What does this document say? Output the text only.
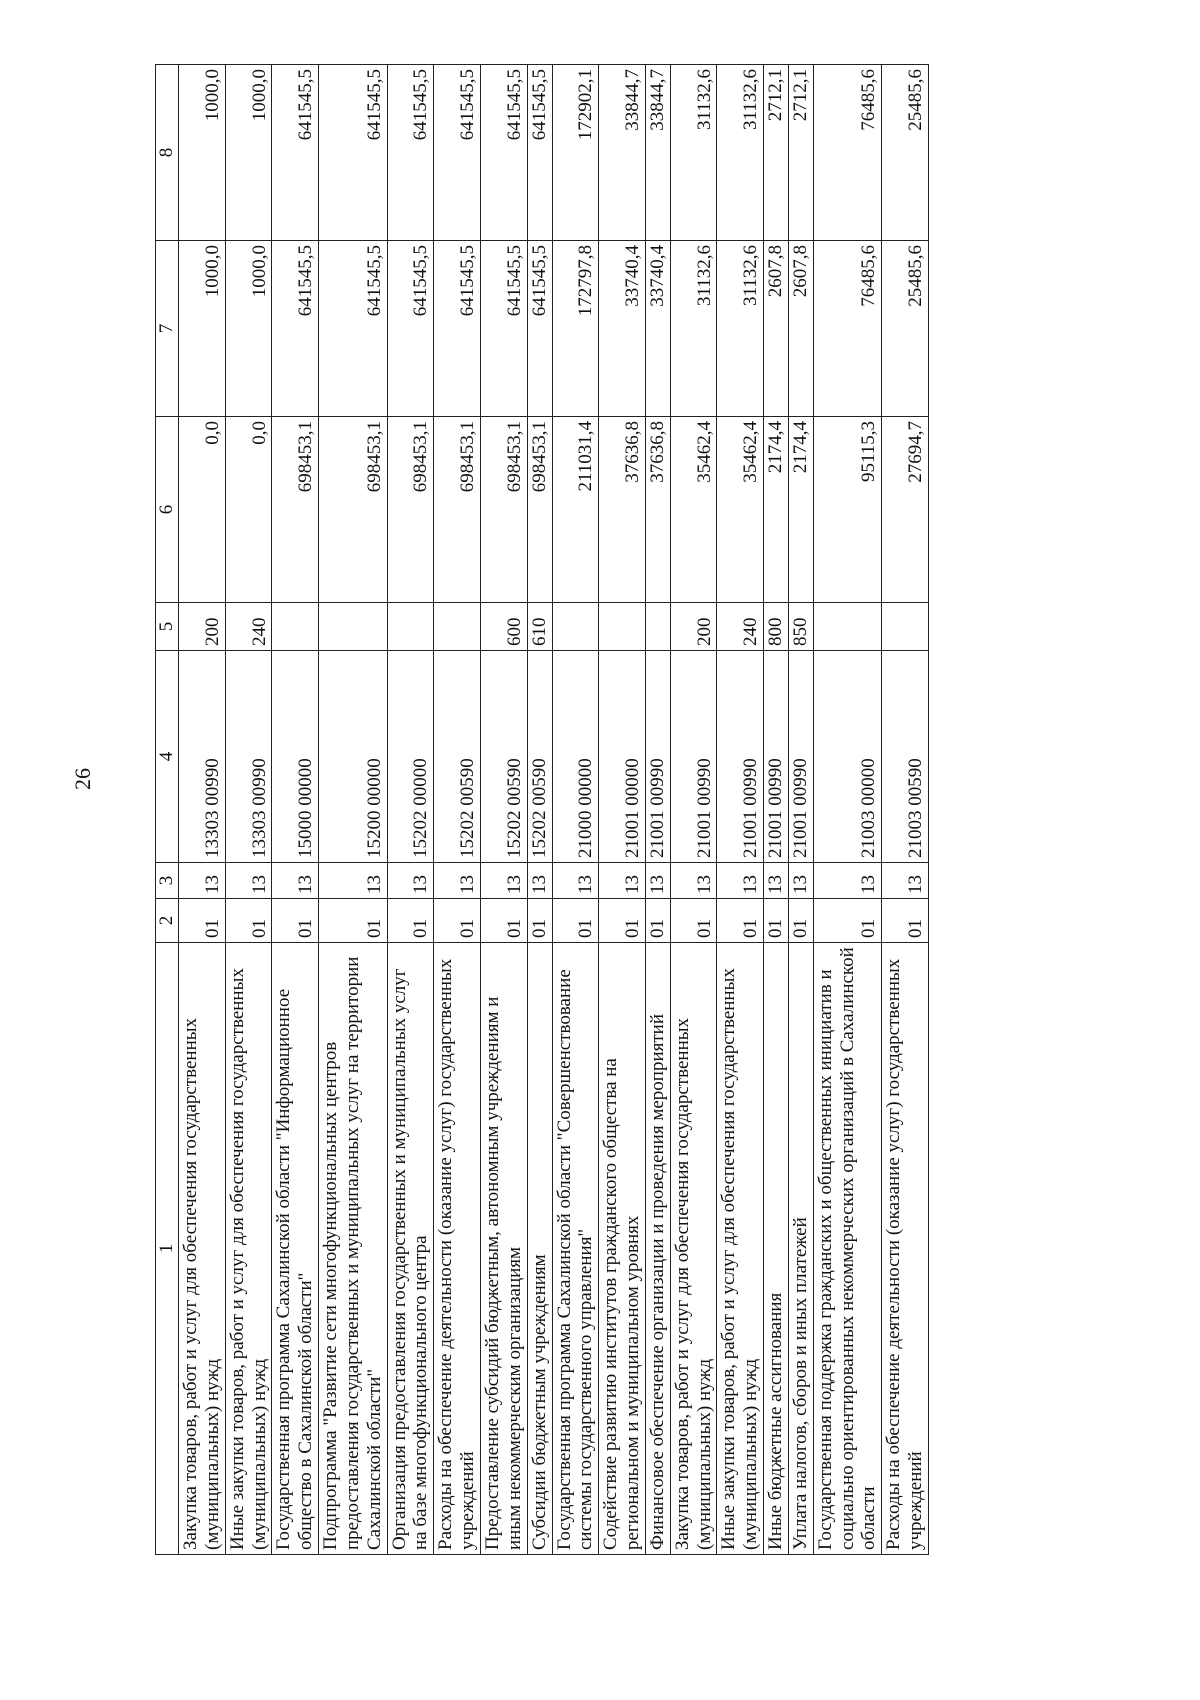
26
1	2	3	4	5	6	7	8
Закупка товаров, работ и услуг для обеспечения государственных (муниципальных) нужд	01	13	13303 00990	200	0,0	1000,0	1000,0
Иные закупки товаров, работ и услуг для обеспечения государственных (муниципальных) нужд	01	13	13303 00990	240	0,0	1000,0	1000,0
Государственная программа Сахалинской области "Информационное общество в Сахалинской области"	01	13	15000 00000		698453,1	641545,5	641545,5
Подпрограмма "Развитие сети многофункциональных центров предоставления государственных и муниципальных услуг на территории Сахалинской области"	01	13	15200 00000		698453,1	641545,5	641545,5
Организация предоставления государственных и муниципальных услуг на базе многофункционального центра	01	13	15202 00000		698453,1	641545,5	641545,5
Расходы на обеспечение деятельности (оказание услуг) государственных учреждений	01	13	15202 00590		698453,1	641545,5	641545,5
Предоставление субсидий бюджетным, автономным учреждениям и иным некоммерческим организациям	01	13	15202 00590	600	698453,1	641545,5	641545,5
Субсидии бюджетным учреждениям	01	13	15202 00590	610	698453,1	641545,5	641545,5
Государственная программа Сахалинской области "Совершенствование системы государственного управления"	01	13	21000 00000		211031,4	172797,8	172902,1
Содействие развитию институтов гражданского общества на региональном и муниципальном уровнях	01	13	21001 00000		37636,8	33740,4	33844,7
Финансовое обеспечение организации и проведения мероприятий	01	13	21001 00990		37636,8	33740,4	33844,7
Закупка товаров, работ и услуг для обеспечения государственных (муниципальных) нужд	01	13	21001 00990	200	35462,4	31132,6	31132,6
Иные закупки товаров, работ и услуг для обеспечения государственных (муниципальных) нужд	01	13	21001 00990	240	35462,4	31132,6	31132,6
Иные бюджетные ассигнования	01	13	21001 00990	800	2174,4	2607,8	2712,1
Уплата налогов, сборов и иных платежей	01	13	21001 00990	850	2174,4	2607,8	2712,1
Государственная поддержка гражданских и общественных инициатив и социально ориентированных некоммерческих организаций в Сахалинской области	01	13	21003 00000		95115,3	76485,6	76485,6
Расходы на обеспечение деятельности (оказание услуг) государственных учреждений	01	13	21003 00590		27694,7	25485,6	25485,6
